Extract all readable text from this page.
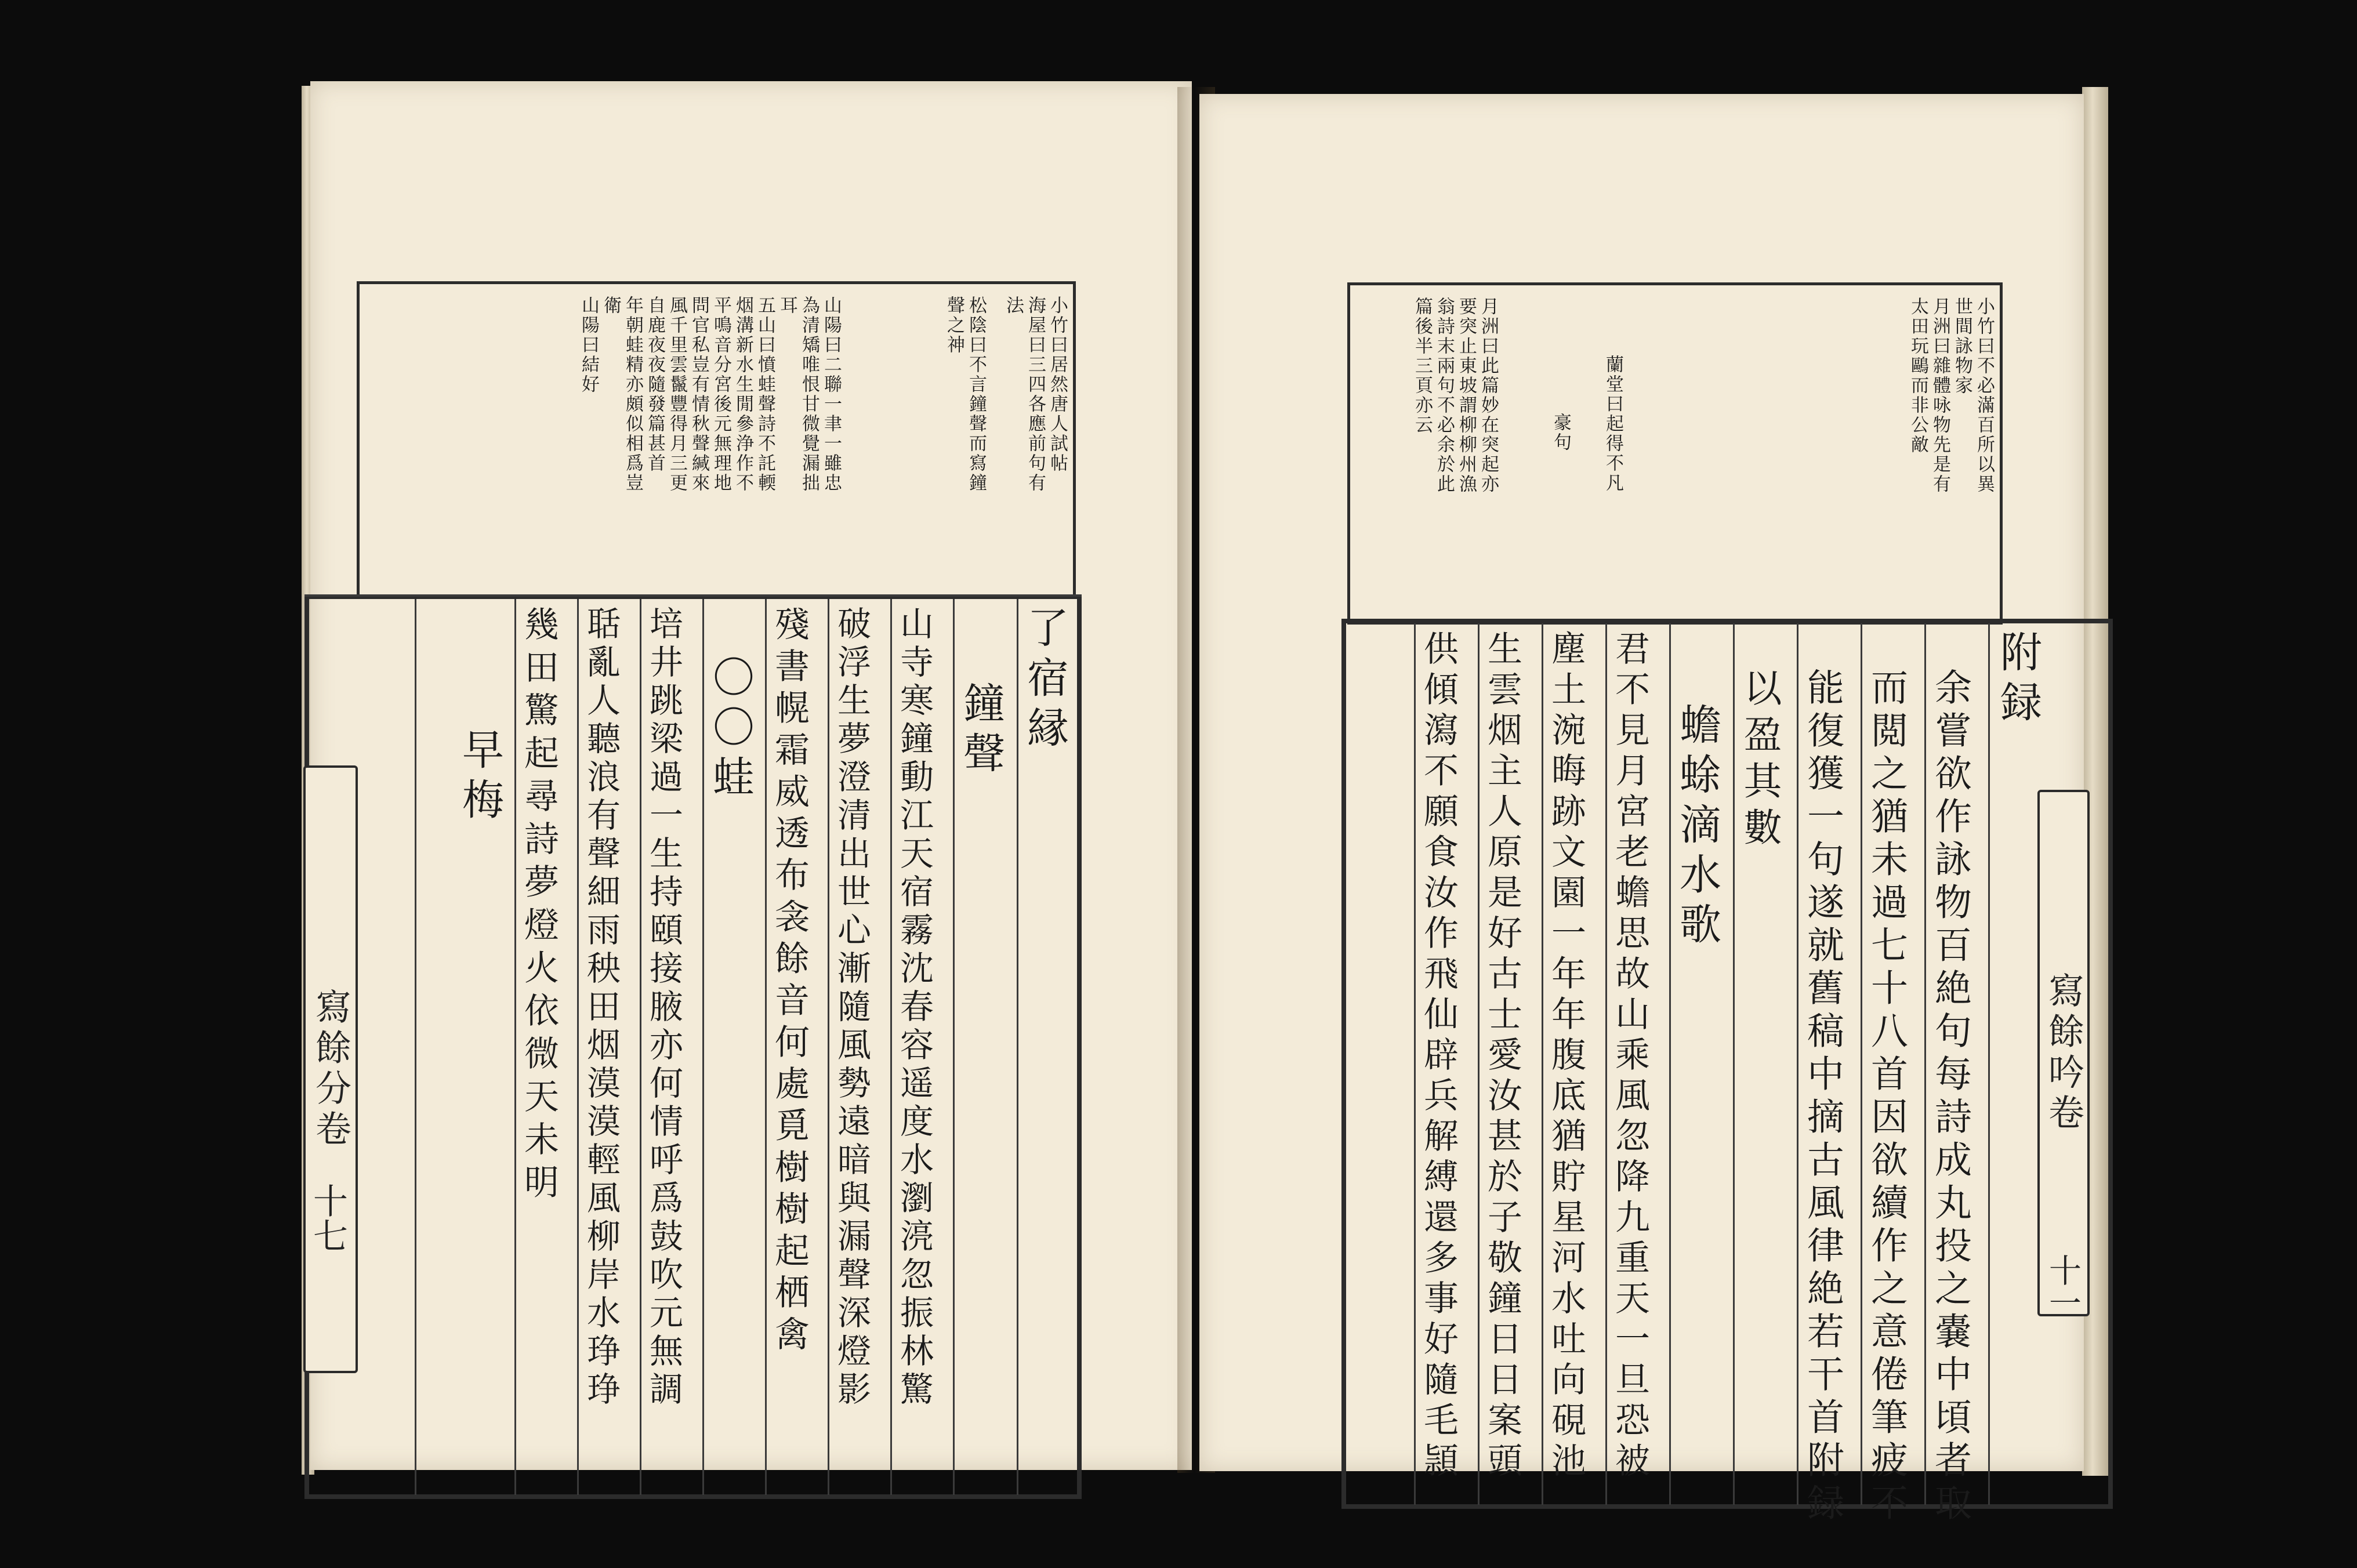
小竹曰居然唐人試帖
海屋曰三四各應前句有
法
松陰曰不言鐘聲而寫鐘
聲之神
山陽曰二聯一聿一雖忠
為清矯唯恨甘微覺漏拙
耳
五山曰憤蛙聲詩不託輭
烟溝新水生閒參浄作不
平鳴音分宮後元無理地
問官私豈有情秋聲緘來
風千里雲鬣豐得月三更
自鹿夜夜隨發篇甚首
年朝蛙精亦頗似相爲豈
衛
山陽曰結好
了宿縁
鐘聲
山寺寒鐘動江天宿霧沈春容遥度水瀏湸忽振林驚
破浮生夢澄清出世心漸隨風勢遠暗與漏聲深燈影
殘書幌霜威透布衾餘音何處覓樹樹起栖禽
〇〇蛙
培井跳梁過一生持頤接腋亦何情呼爲鼓吹元無調
聒亂人聽浪有聲細雨秧田烟漠漠輕風柳岸水琤琤
幾田驚起尋詩夢燈火依微天未明
早梅
寫餘分卷
十七
小竹曰不必滿百所以異
世間詠物家
月洲曰雜體咏物先是有
太田玩鷗而非公敵
蘭堂曰起得不凡
豪句
月洲曰此篇妙在突起亦
要突止東坡謂柳柳州漁
翁詩末兩句不必余於此
篇後半三頁亦云
附録
余嘗欲作詠物百絶句每詩成丸投之嚢中頃者取
而閲之猶未過七十八首因欲續作之意倦筆疲不
能復獲一句遂就舊稿中摘古風律絶若干首附録
以盈其數
蟾蜍滴水歌
君不見月宮老蟾思故山乘風忽降九重天一旦恐被
塵土涴晦跡文園一年年腹底猶貯星河水吐向硯池
生雲烟主人原是好古士愛汝甚於子敬鐘日日案頭
供傾瀉不願食汝作飛仙辟兵解縛還多事好隨毛頴	寫餘吟卷
十一
